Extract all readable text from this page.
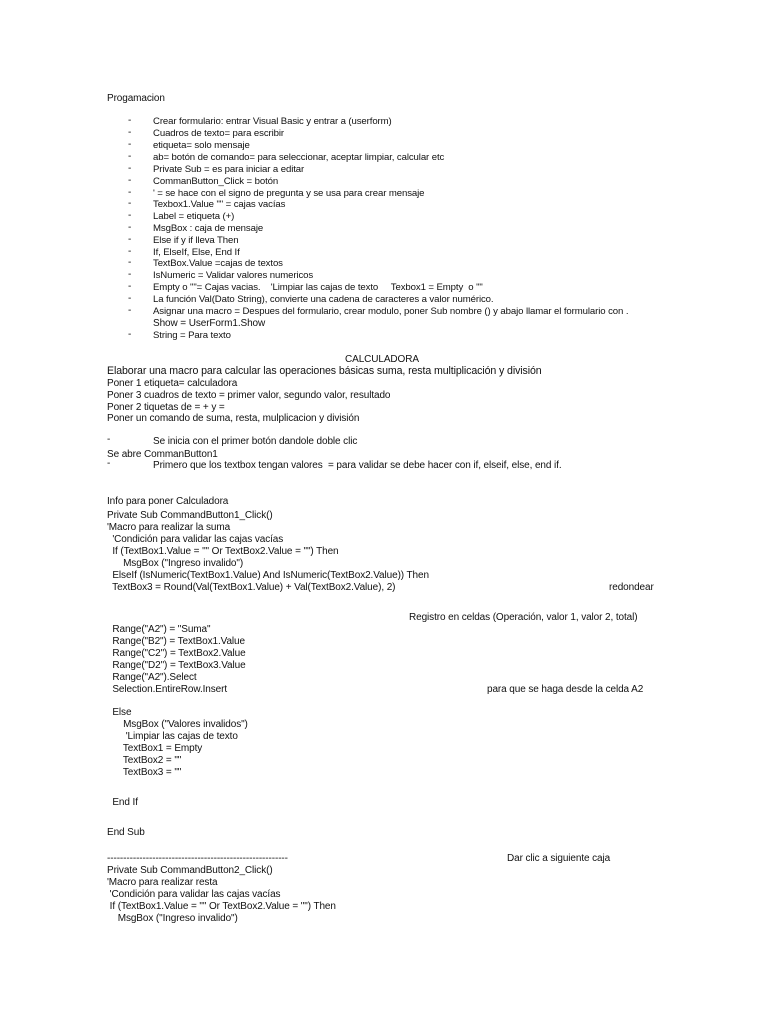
Progamacion
- Crear formulario: entrar Visual Basic y entrar a (userform)
- Cuadros de texto= para escribir
- etiqueta= solo mensaje
- ab= botón de comando= para seleccionar, aceptar limpiar, calcular etc
- Private Sub = es para iniciar a editar
- CommanButton_Click = botón
- ' = se hace con el signo de pregunta y se usa para crear mensaje
- Texbox1.Value "" = cajas vacías
- Label = etiqueta (+)
- MsgBox : caja de mensaje
- Else if y if lleva Then
- If, ElseIf, Else, End If
- TextBox.Value =cajas de textos
- IsNumeric = Validar valores numericos
- Empty o ""= Cajas vacias.    'Limpiar las cajas de texto     Texbox1 = Empty  o ""
- La función Val(Dato String), convierte una cadena de caracteres a valor numérico.
- Asignar una macro = Despues del formulario, crear modulo, poner Sub nombre () y abajo llamar el formulario con .
- String = Para texto
Show = UserForm1.Show
CALCULADORA
Elaborar una macro para calcular las operaciones básicas suma, resta multiplicación y división
Poner 1 etiqueta= calculadora
Poner 3 cuadros de texto = primer valor, segundo valor, resultado
Poner 2 tiquetas de = + y =
Poner un comando de suma, resta, mulplicacion y división
-	Se inicia con el primer botón dandole doble clic
Se abre CommanButton1
-	Primero que los textbox tengan valores  = para validar se debe hacer con if, elseif, else, end if.
Info para poner Calculadora
Private Sub CommandButton1_Click()
'Macro para realizar la suma
'Condición para validar las cajas vacías
If (TextBox1.Value = "" Or TextBox2.Value = "") Then
MsgBox ("Ingreso invalido")
ElseIf (IsNumeric(TextBox1.Value) And IsNumeric(TextBox2.Value)) Then
TextBox3 = Round(Val(TextBox1.Value) + Val(TextBox2.Value), 2)	redondear
Registro en celdas (Operación, valor 1, valor 2, total)
Range("A2") = "Suma"
Range("B2") = TextBox1.Value
Range("C2") = TextBox2.Value
Range("D2") = TextBox3.Value
Range("A2").Select
Selection.EntireRow.Insert	para que se haga desde la celda A2
Else
MsgBox ("Valores invalidos")
'Limpiar las cajas de texto
TextBox1 = Empty
TextBox2 = ""
TextBox3 = ""
End If
End Sub
--------------------------------------------------------	Dar clic a siguiente caja
Private Sub CommandButton2_Click()
'Macro para realizar resta
'Condición para validar las cajas vacías
If (TextBox1.Value = "" Or TextBox2.Value = "") Then
MsgBox ("Ingreso invalido")
